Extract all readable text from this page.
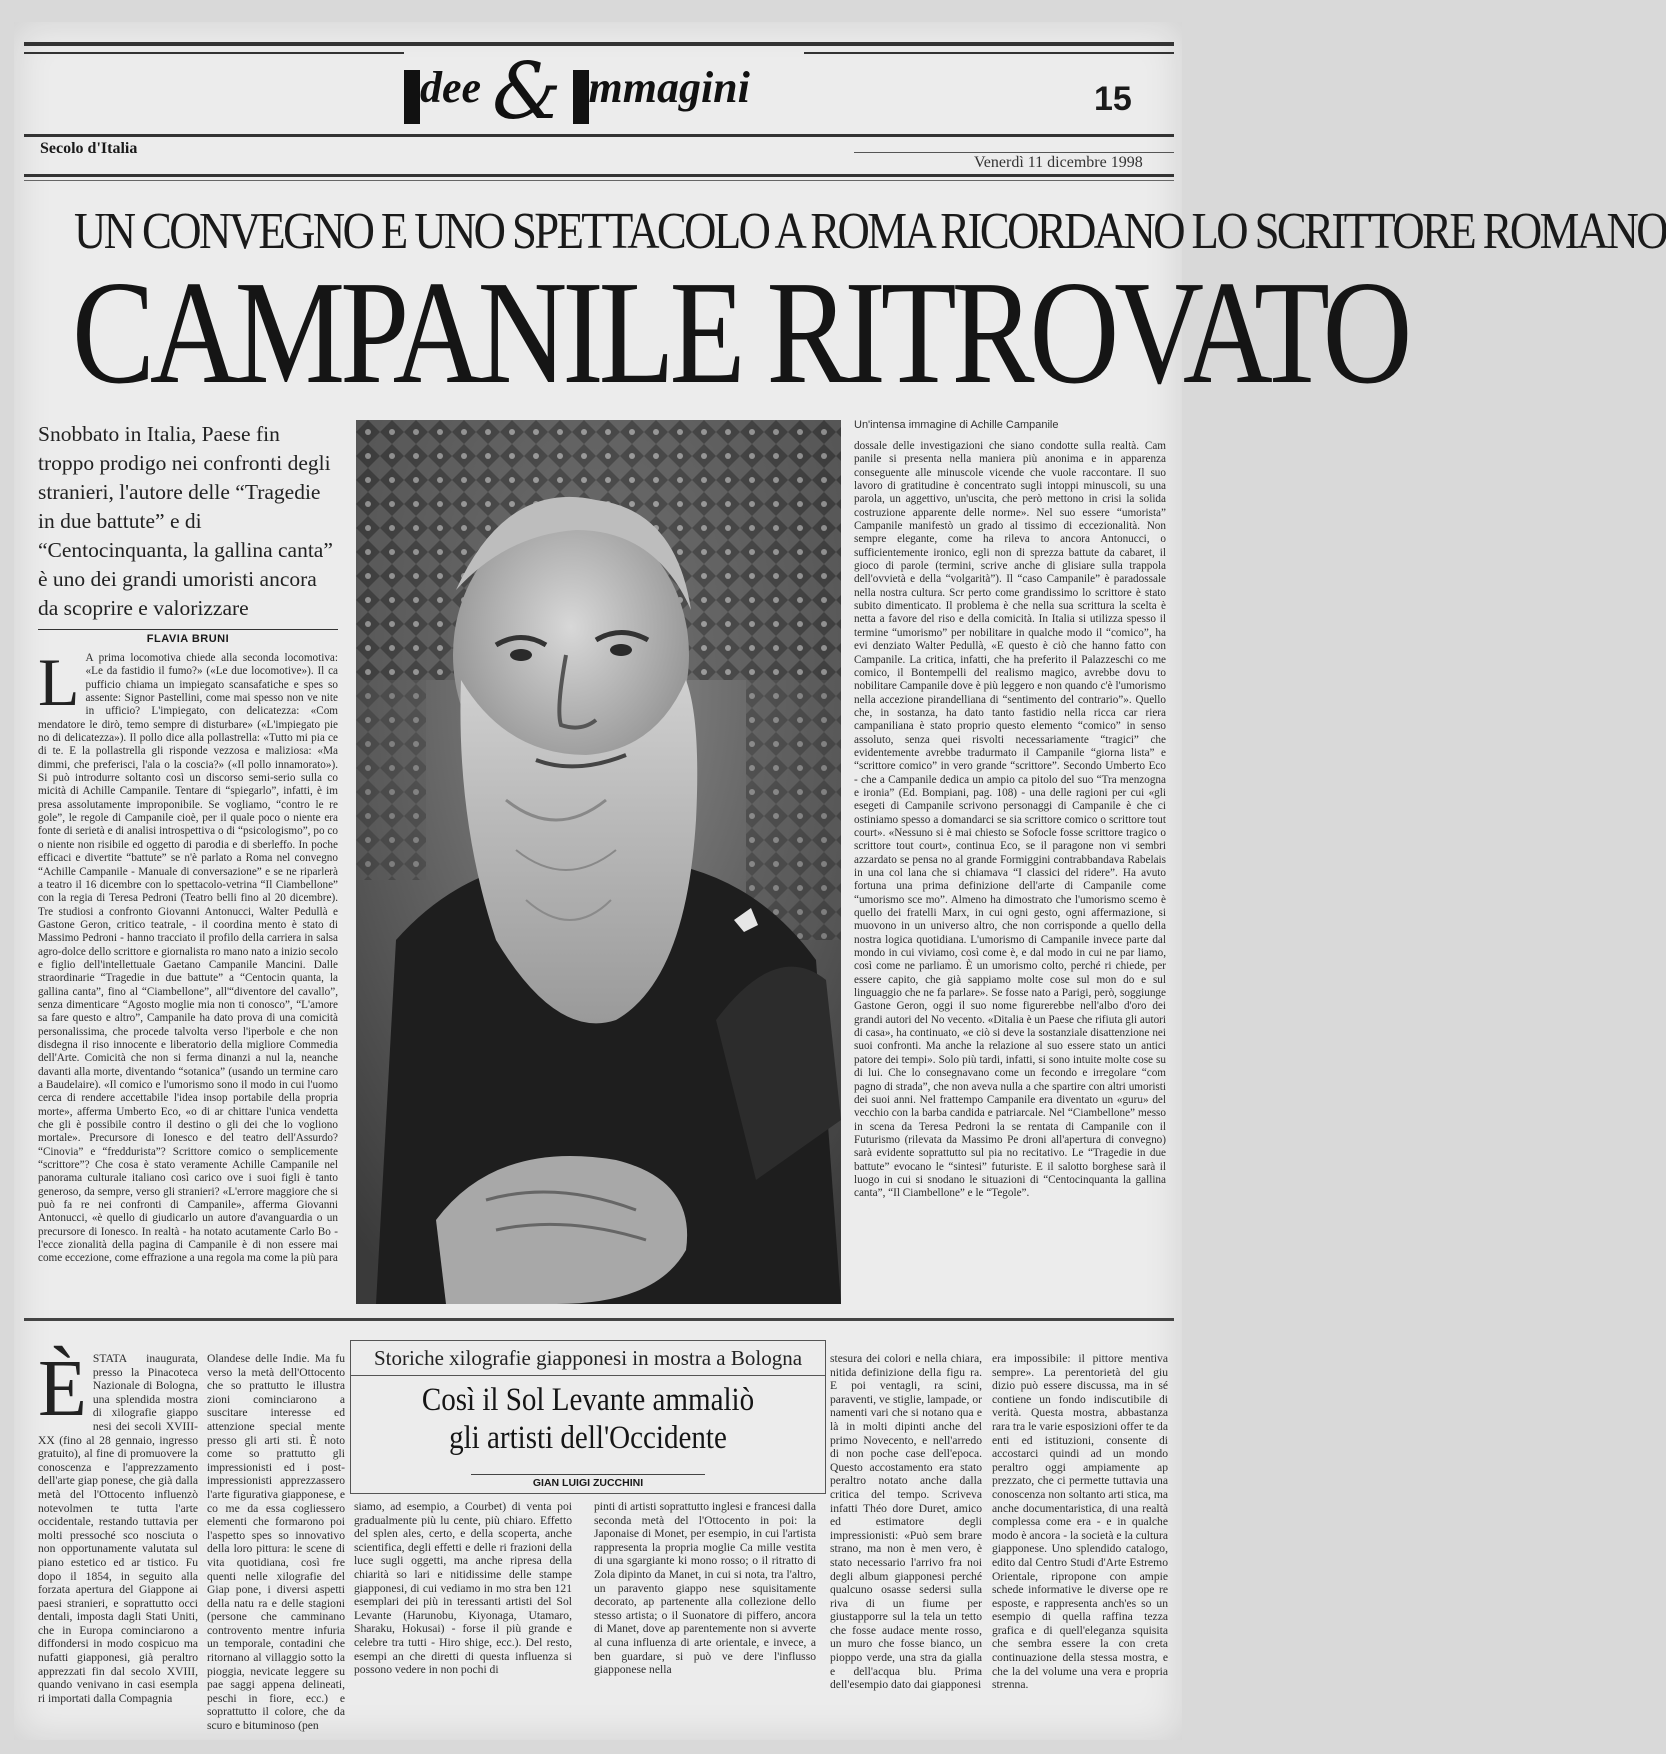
dee & mmagini	15
Secolo d'Italia
Venerdì 11 dicembre 1998
UN CONVEGNO E UNO SPETTACOLO A ROMA RICORDANO LO SCRITTORE ROMANO
CAMPANILE RITROVATO
Snobbato in Italia, Paese fin troppo prodigo nei confronti degli stranieri, l'autore delle “Tragedie in due battute” e di “Centocinquanta, la gallina canta” è uno dei grandi umoristi ancora da scoprire e valorizzare
FLAVIA BRUNI
Un'intensa immagine di Achille Campanile
L A prima locomotiva chiede alla seconda locomotiva: «Le da fastidio il fumo?» («Le due locomotive»). Il ca pufficio chiama un impiegato scansafatiche e spes so assente: Signor Pastellini, come mai spesso non ve nite in ufficio? L'impiegato, con delicatezza: «Com mendatore le dirò, temo sempre di disturbare» («L'impiegato pie no di delicatezza»). Il pollo dice alla pollastrella: «Tutto mi pia ce di te. E la pollastrella gli risponde vezzosa e maliziosa: «Ma dimmi, che preferisci, l'ala o la coscia?» («Il pollo innamorato»). Si può introdurre soltanto così un discorso semi-serio sulla co micità di Achille Campanile. Tentare di “spiegarlo”, infatti, è im presa assolutamente improponibile. Se vogliamo, “contro le re gole”, le regole di Campanile cioè, per il quale poco o niente era fonte di serietà e di analisi introspettiva o di “psicologismo”, po co o niente non risibile ed oggetto di parodia e di sberleffo. In poche efficaci e divertite “battute” se n'è parlato a Roma nel convegno “Achille Campanile - Manuale di conversazione” e se ne riparlerà a teatro il 16 dicembre con lo spettacolo-vetrina “Il Ciambellone” con la regia di Teresa Pedroni (Teatro belli fino al 20 dicembre). Tre studiosi a confronto Giovanni Antonucci, Walter Pedullà e Gastone Geron, critico teatrale, - il coordina mento è stato di Massimo Pedroni - hanno tracciato il profilo della carriera in salsa agro-dolce dello scrittore e giornalista ro mano nato a inizio secolo e figlio dell'intellettuale Gaetano Campanile Mancini. Dalle straordinarie “Tragedie in due battute” a “Centocin quanta, la gallina canta”, fino al “Ciambellone”, all'“diventore del cavallo”, senza dimenticare “Agosto moglie mia non ti conosco”, “L'amore sa fare questo e altro”, Campanile ha dato prova di una comicità personalissima, che procede talvolta verso l'iperbole e che non disdegna il riso innocente e liberatorio della migliore Commedia dell'Arte. Comicità che non si ferma dinanzi a nul la, neanche davanti alla morte, diventando “sotanica” (usando un termine caro a Baudelaire). «Il comico e l'umorismo sono il modo in cui l'uomo cerca di rendere accettabile l'idea insop portabile della propria morte», afferma Umberto Eco, «o di ar chittare l'unica vendetta che gli è possibile contro il destino o gli dei che lo vogliono mortale». Precursore di Ionesco e del teatro dell'Assurdo? “Cinovia” e “freddurista”? Scrittore comico o semplicemente “scrittore”? Che cosa è stato veramente Achille Campanile nel panorama culturale italiano così carico ove i suoi figli è tanto generoso, da sempre, verso gli stranieri? «L'errore maggiore che si può fa re nei confronti di Campanile», afferma Giovanni Antonucci, «è quello di giudicarlo un autore d'avanguardia o un precursore di Ionesco. In realtà - ha notato acutamente Carlo Bo - l'ecce zionalità della pagina di Campanile è di non essere mai come eccezione, come effrazione a una regola ma come la più para
dossale delle investigazioni che siano condotte sulla realtà. Cam panile si presenta nella maniera più anonima e in apparenza conseguente alle minuscole vicende che vuole raccontare. Il suo lavoro di gratitudine è concentrato sugli intoppi minuscoli, su una parola, un aggettivo, un'uscita, che però mettono in crisi la solida costruzione apparente delle norme». Nel suo essere “umorista” Campanile manifestò un grado al tissimo di eccezionalità. Non sempre elegante, come ha rileva to ancora Antonucci, o sufficientemente ironico, egli non di sprezza battute da cabaret, il gioco di parole (termini, scrive anche di glisiare sulla trappola dell'ovvietà e della “volgarità”). Il “caso Campanile” è paradossale nella nostra cultura. Scr perto come grandissimo lo scrittore è stato subito dimenticato. Il problema è che nella sua scrittura la scelta è netta a favore del riso e della comicità. In Italia si utilizza spesso il termine “umorismo” per nobilitare in qualche modo il “comico”, ha evi denziato Walter Pedullà, «E questo è ciò che hanno fatto con Campanile. La critica, infatti, che ha preferito il Palazzeschi co me comico, il Bontempelli del realismo magico, avrebbe dovu to nobilitare Campanile dove è più leggero e non quando c'è l'umorismo nella accezione pirandelliana di “sentimento del contrario”». Quello che, in sostanza, ha dato tanto fastidio nella ricca car riera campaniliana è stato proprio questo elemento “comico” in senso assoluto, senza quei risvolti necessariamente “tragici” che evidentemente avrebbe tradurmato il Campanile “giorna lista” e “scrittore comico” in vero grande “scrittore”. Secondo Umberto Eco - che a Campanile dedica un ampio ca pitolo del suo “Tra menzogna e ironia” (Ed. Bompiani, pag. 108) - una delle ragioni per cui «gli esegeti di Campanile scrivono personaggi di Campanile è che ci ostiniamo spesso a domandarci se sia scrittore comico o scrittore tout court». «Nessuno si è mai chiesto se Sofocle fosse scrittore tragico o scrittore tout court», continua Eco, se il paragone non vi sembri azzardato se pensa no al grande Formiggini contrabbandava Rabelais in una col lana che si chiamava “I classici del ridere”. Ha avuto fortuna una prima definizione dell'arte di Campanile come “umorismo sce mo”. Almeno ha dimostrato che l'umorismo scemo è quello dei fratelli Marx, in cui ogni gesto, ogni affermazione, si muovono in un universo altro, che non corrisponde a quello della nostra logica quotidiana. L'umorismo di Campanile invece parte dal mondo in cui viviamo, così come è, e dal modo in cui ne par liamo, così come ne parliamo. È un umorismo colto, perché ri chiede, per essere capito, che già sappiamo molte cose sul mon do e sul linguaggio che ne fa parlare». Se fosse nato a Parigi, però, soggiunge Gastone Geron, oggi il suo nome figurerebbe nell'albo d'oro dei grandi autori del No vecento. «Ditalia è un Paese che rifiuta gli autori di casa», ha continuato, «e ciò si deve la sostanziale disattenzione nei suoi confronti. Ma anche la relazione al suo essere stato un antici patore dei tempi». Solo più tardi, infatti, si sono intuite molte cose su di lui. Che lo consegnavano come un fecondo e irregolare “com pagno di strada”, che non aveva nulla a che spartire con altri umoristi dei suoi anni. Nel frattempo Campanile era diventato un «guru» del vecchio con la barba candida e patriarcale. Nel “Ciambellone” messo in scena da Teresa Pedroni la se rentata di Campanile con il Futurismo (rilevata da Massimo Pe droni all'apertura di convegno) sarà evidente soprattutto sul pia no recitativo. Le “Tragedie in due battute” evocano le “sintesi” futuriste. E il salotto borghese sarà il luogo in cui si snodano le situazioni di “Centocinquanta la gallina canta”, “Il Ciambellone” e le “Tegole”.
ÈSTATA inaugurata, presso la Pinacoteca Nazionale di Bologna, una splendida mostra di xilografie giappo nesi dei secoli XVIII-XX (fino al 28 gennaio, ingresso gratuito), al fine di promuovere la conoscenza e l'apprezzamento dell'arte giap ponese, che già dalla metà del l'Ottocento influenzò notevolmen te tutta l'arte occidentale, restando tuttavia per molti pressoché sco nosciuta o non opportunamente valutata sul piano estetico ed ar tistico. Fu dopo il 1854, in seguito alla forzata apertura del Giappone ai paesi stranieri, e soprattutto occi dentali, imposta dagli Stati Uniti, che in Europa cominciarono a diffondersi in modo cospicuo ma nufatti giapponesi, già peraltro apprezzati fin dal secolo XVIII, quando venivano in casi esempla ri importati dalla Compagnia
Olandese delle Indie. Ma fu verso la metà dell'Ottocento che so prattutto le illustra zioni cominciarono a suscitare interesse ed attenzione special mente presso gli arti sti. È noto come so prattutto gli impressionisti ed i post-impressionisti apprezzassero l'arte figurativa giapponese, e co me da essa cogliessero elementi che formarono poi l'aspetto spes so innovativo della loro pittura: le scene di vita quotidiana, così fre quenti nelle xilografie del Giap pone, i diversi aspetti della natu ra e delle stagioni (persone che camminano controvento mentre infuria un temporale, contadini che ritornano al villaggio sotto la pioggia, nevicate leggere su pae saggi appena delineati, peschi in fiore, ecc.) e soprattutto il colore, che da scuro e bituminoso (pen
Storiche xilografie giapponesi in mostra a Bologna
Così il Sol Levante ammaliò
gli artisti dell'Occidente
GIAN LUIGI ZUCCHINI
siamo, ad esempio, a Courbet) di venta poi gradualmente più lu cente, più chiaro. Effetto del splen ales, certo, e della scoperta, anche scientifica, degli effetti e delle ri frazioni della luce sugli oggetti, ma anche ripresa della chiarità so lari e nitidissime delle stampe giapponesi, di cui vediamo in mo stra ben 121 esemplari dei più in teressanti artisti del Sol Levante (Harunobu, Kiyonaga, Utamaro, Sharaku, Hokusai) - forse il più grande e celebre tra tutti - Hiro shige, ecc.). Del resto, esempi an che diretti di questa influenza si possono vedere in non pochi di
pinti di artisti soprattutto inglesi e francesi dalla seconda metà del l'Ottocento in poi: la Japonaise di Monet, per esempio, in cui l'artista rappresenta la propria moglie Ca mille vestita di una sgargiante ki mono rosso; o il ritratto di Zola dipinto da Manet, in cui si nota, tra l'altro, un paravento giappo nese squisitamente decorato, ap partenente alla collezione dello stesso artista; o il Suonatore di piffero, ancora di Manet, dove ap parentemente non si avverte al cuna influenza di arte orientale, e invece, a ben guardare, si può ve dere l'influsso giapponese nella
stesura dei colori e nella chiara, nitida definizione della figu ra. E poi ventagli, ra scini, paraventi, ve stiglie, lampade, or namenti vari che si notano qua e là in molti dipinti anche del primo Novecento, e nell'arredo di non poche case dell'epoca. Questo accostamento era stato peraltro notato anche dalla critica del tempo. Scriveva infatti Théo dore Duret, amico ed estimatore degli impressionisti: «Può sem brare strano, ma non è men vero, è stato necessario l'arrivo fra noi degli album giapponesi perché qualcuno osasse sedersi sulla riva di un fiume per giustapporre sul la tela un tetto che fosse audace mente rosso, un muro che fosse bianco, un pioppo verde, una stra da gialla e dell'acqua blu. Prima dell'esempio dato dai giapponesi
era impossibile: il pittore mentiva sempre». La perentorietà del giu dizio può essere discussa, ma in sé contiene un fondo indiscutibile di verità. Questa mostra, abbastanza rara tra le varie esposizioni offer te da enti ed istituzioni, consente di accostarci quindi ad un mondo peraltro oggi ampiamente ap prezzato, che ci permette tuttavia una conoscenza non soltanto arti stica, ma anche documentaristica, di una realtà complessa come era - e in qualche modo è ancora - la società e la cultura giapponese. Uno splendido catalogo, edito dal Centro Studi d'Arte Estremo Orientale, ripropone con ampie schede informative le diverse ope re esposte, e rappresenta anch'es so un esempio di quella raffina tezza grafica e di quell'eleganza squisita che sembra essere la con creta continuazione della stessa mostra, e che la del volume una vera e propria strenna.
